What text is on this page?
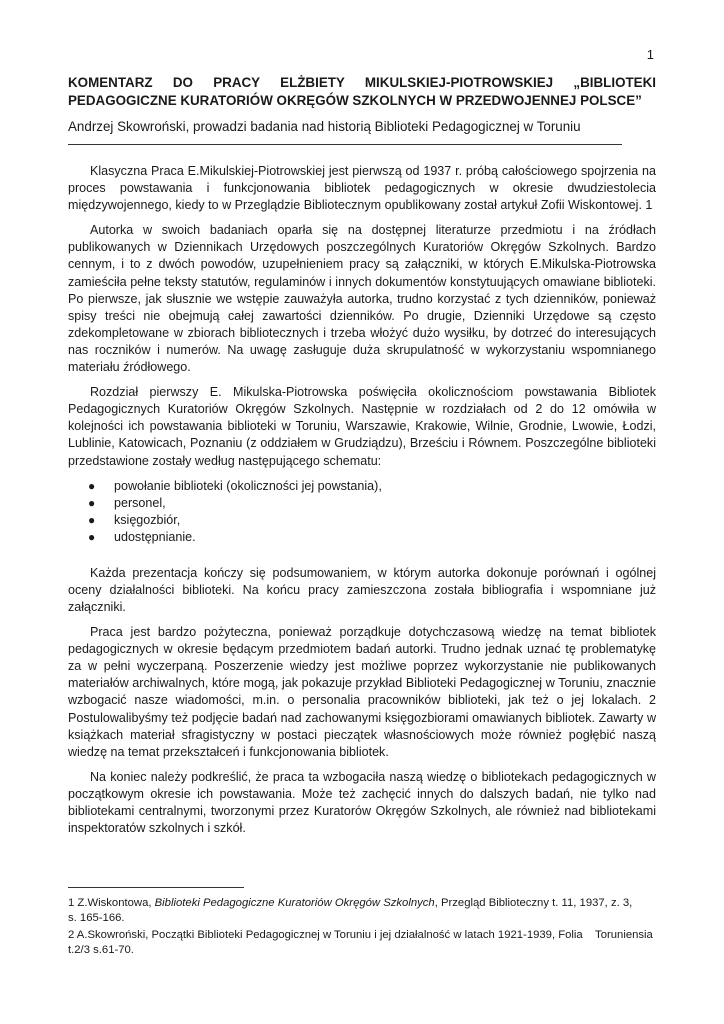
1
KOMENTARZ DO PRACY ELŻBIETY MIKULSKIEJ-PIOTROWSKIEJ „BIBLIOTEKI PEDAGOGICZNE KURATORIÓW OKRĘGÓW SZKOLNYCH W PRZEDWOJENNEJ POLSCE”
Andrzej Skowroński, prowadzi badania nad historią Biblioteki Pedagogicznej w Toruniu

Klasyczna Praca E.Mikulskiej-Piotrowskiej jest pierwszą od 1937 r. próbą całościowego spojrzenia na proces powstawania i funkcjonowania bibliotek pedagogicznych w okresie dwudziestolecia międzywojennego, kiedy to w Przeglądzie Bibliotecznym opublikowany został artykuł Zofii Wiskontowej. 1

Autorka w swoich badaniach oparła się na dostępnej literaturze przedmiotu i na źródłach publikowanych w Dziennikach Urzędowych poszczególnych Kuratoriów Okręgów Szkolnych. Bardzo cennym, i to z dwóch powodów, uzupełnieniem pracy są załączniki, w których E.Mikulska-Piotrowska zamieściła pełne teksty statutów, regulaminów i innych dokumentów konstytuujących omawiane biblioteki. Po pierwsze, jak słusznie we wstępie zauważyła autorka, trudno korzystać z tych dzienników, ponieważ spisy treści nie obejmują całej zawartości dzienników. Po drugie, Dzienniki Urzędowe są często zdekompletowane w zbiorach bibliotecznych i trzeba włożyć dużo wysiłku, by dotrzeć do interesujących nas roczników i numerów. Na uwagę zasługuje duża skrupulatność w wykorzystaniu wspomnianego materiału źródłowego.

Rozdział pierwszy E. Mikulska-Piotrowska poświęciła okolicznościom powstawania Bibliotek Pedagogicznych Kuratoriów Okręgów Szkolnych. Następnie w rozdziałach od 2 do 12 omówiła w kolejności ich powstawania biblioteki w Toruniu, Warszawie, Krakowie, Wilnie, Grodnie, Lwowie, Łodzi, Lublinie, Katowicach, Poznaniu (z oddziałem w Grudziądzu), Brześciu i Równem. Poszczególne biblioteki przedstawione zostały według następującego schematu:

● powołanie biblioteki (okoliczności jej powstania),
● personel,
● księgozbiór,
● udostępnianie.

Każda prezentacja kończy się podsumowaniem, w którym autorka dokonuje porównań i ogólnej oceny działalności biblioteki. Na końcu pracy zamieszczona została bibliografia i wspomniane już załączniki.

Praca jest bardzo pożyteczna, ponieważ porządkuje dotychczasową wiedzę na temat bibliotek pedagogicznych w okresie będącym przedmiotem badań autorki. Trudno jednak uznać tę problematykę za w pełni wyczerpaną. Poszerzenie wiedzy jest możliwe poprzez wykorzystanie nie publikowanych materiałów archiwalnych, które mogą, jak pokazuje przykład Biblioteki Pedagogicznej w Toruniu, znacznie wzbogacić nasze wiadomości, m.in. o personalia pracowników biblioteki, jak też o jej lokalach. 2 Postulowalibyśmy też podjęcie badań nad zachowanymi księgozbiorami omawianych bibliotek. Zawarty w książkach materiał sfragistyczny w postaci pieczątek własnościowych może również pogłębić naszą wiedzę na temat przekształceń i funkcjonowania bibliotek.

Na koniec należy podkreślić, że praca ta wzbogaciła naszą wiedzę o bibliotekach pedagogicznych w początkowym okresie ich powstawania. Może też zachęcić innych do dalszych badań, nie tylko nad bibliotekami centralnymi, tworzonymi przez Kuratorów Okręgów Szkolnych, ale również nad bibliotekami inspektoratów szkolnych i szkół.

1 Z.Wiskontowa, Biblioteki Pedagogiczne Kuratoriów Okręgów Szkolnych, Przegląd Biblioteczny t. 11, 1937, z. 3,
s. 165-166.
2 A.Skowroński, Początki Biblioteki Pedagogicznej w Toruniu i jej działalność w latach 1921-1939, Folia    Toruniensia
t.2/3 s.61-70.
